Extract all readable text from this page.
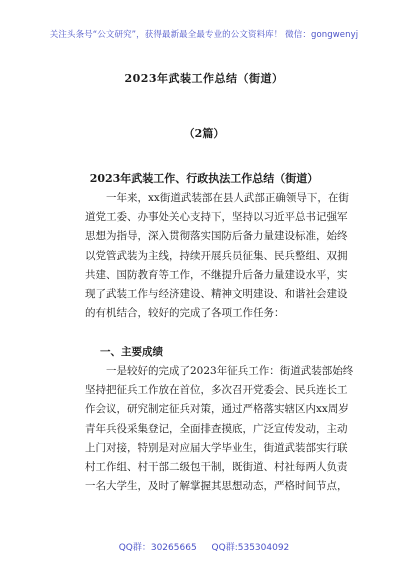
关注头条号“公文研究”，获得最新最全最专业的公文资料库！ 微信：gongwenyj
2023年武装工作总结（街道）
（2篇）
2023年武装工作、行政执法工作总结（街道）
一年来，xx街道武装部在县人武部正确领导下，在街
道党工委、办事处关心支持下，坚持以习近平总书记强军
思想为指导，深入贯彻落实国防后备力量建设标准，始终
以党管武装为主线，持续开展兵员征集、民兵整组、双拥
共建、国防教育等工作，不继提升后备力量建设水平，实
现了武装工作与经济建设、精神文明建设、和谐社会建设
的有机结合，较好的完成了各项工作任务：
一、主要成绩
一是较好的完成了2023年征兵工作：街道武装部始终
坚持把征兵工作放在首位，多次召开党委会、民兵连长工
作会议，研究制定征兵对策，通过严格落实辖区内xx周岁
青年兵役采集登记，全面排查摸底，广泛宣传发动，主动
上门对接，特别是对应届大学毕业生，街道武装部实行联
村工作组、村干部二级包干制，既街道、村社每两人负责
一名大学生，及时了解掌握其思想动态，严格时间节点，
QQ群：30265665 QQ群:535304092
